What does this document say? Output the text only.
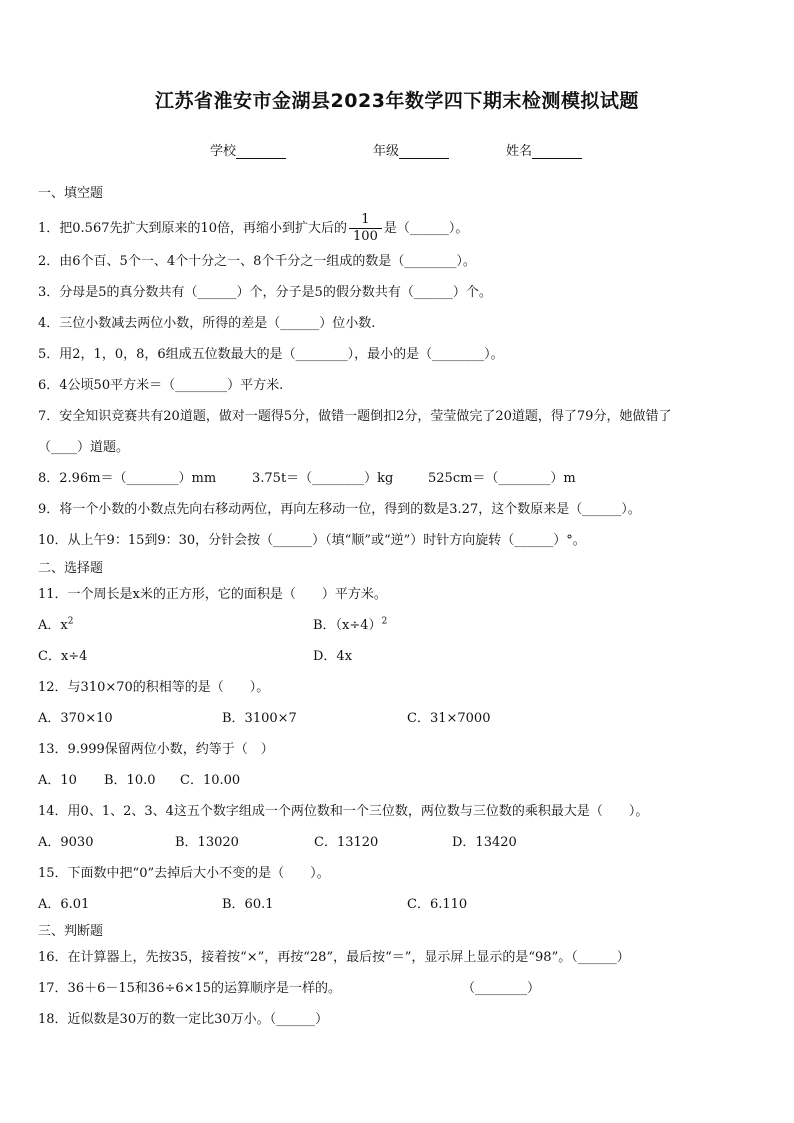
江苏省淮安市金湖县2023年数学四下期末检测模拟试题
学校	年级	姓名
一、填空题
1．把0.567先扩大到原来的10倍，再缩小到扩大后的 $\frac{1}{100}$ 是（______）。
2．由6个百、5个一、4个十分之一、8个千分之一组成的数是（________）。
3．分母是5的真分数共有（______）个，分子是5的假分数共有（______）个。
4．三位小数减去两位小数，所得的差是（______）位小数.
5．用2，1，0，8，6组成五位数最大的是（________），最小的是（________）。
6．4公顷50平方米＝（________）平方米.
7．安全知识竞赛共有20道题，做对一题得5分，做错一题倒扣2分，莹莹做完了20道题，得了79分，她做错了
（____）道题。
8．2.96m＝（________）mm	3.75t＝（________）kg	525cm＝（________）m
9．将一个小数的小数点先向右移动两位，再向左移动一位，得到的数是3.27，这个数原来是（______）。
10．从上午9：15到9：30，分针会按（______）（填“顺”或“逆”）时针方向旋转（______）°。
二、选择题
11．一个周长是x米的正方形，它的面积是（　　）平方米。
A．$x^2$	B．$(x\div 4)^2$
C．x÷4	D．4x
12．与310×70的积相等的是（　　）。
A．370×10	B．3100×7	C．31×7000
13．9.999保留两位小数，约等于（　）
A．10 B．10.0 C．10.00
14．用0、1、2、3、4这五个数字组成一个两位数和一个三位数，两位数与三位数的乘积最大是（　　）。
A．9030	B．13020	C．13120	D．13420
15．下面数中把“0”去掉后大小不变的是（　　）。
A．6.01	B．60.1	C．6.110
三、判断题
16．在计算器上，先按35，接着按“×”，再按“28”，最后按“＝”，显示屏上显示的是“98”。（______）
17．36＋6－15和36÷6×15的运算顺序是一样的。	（________）
18．近似数是30万的数一定比30万小。（______）
